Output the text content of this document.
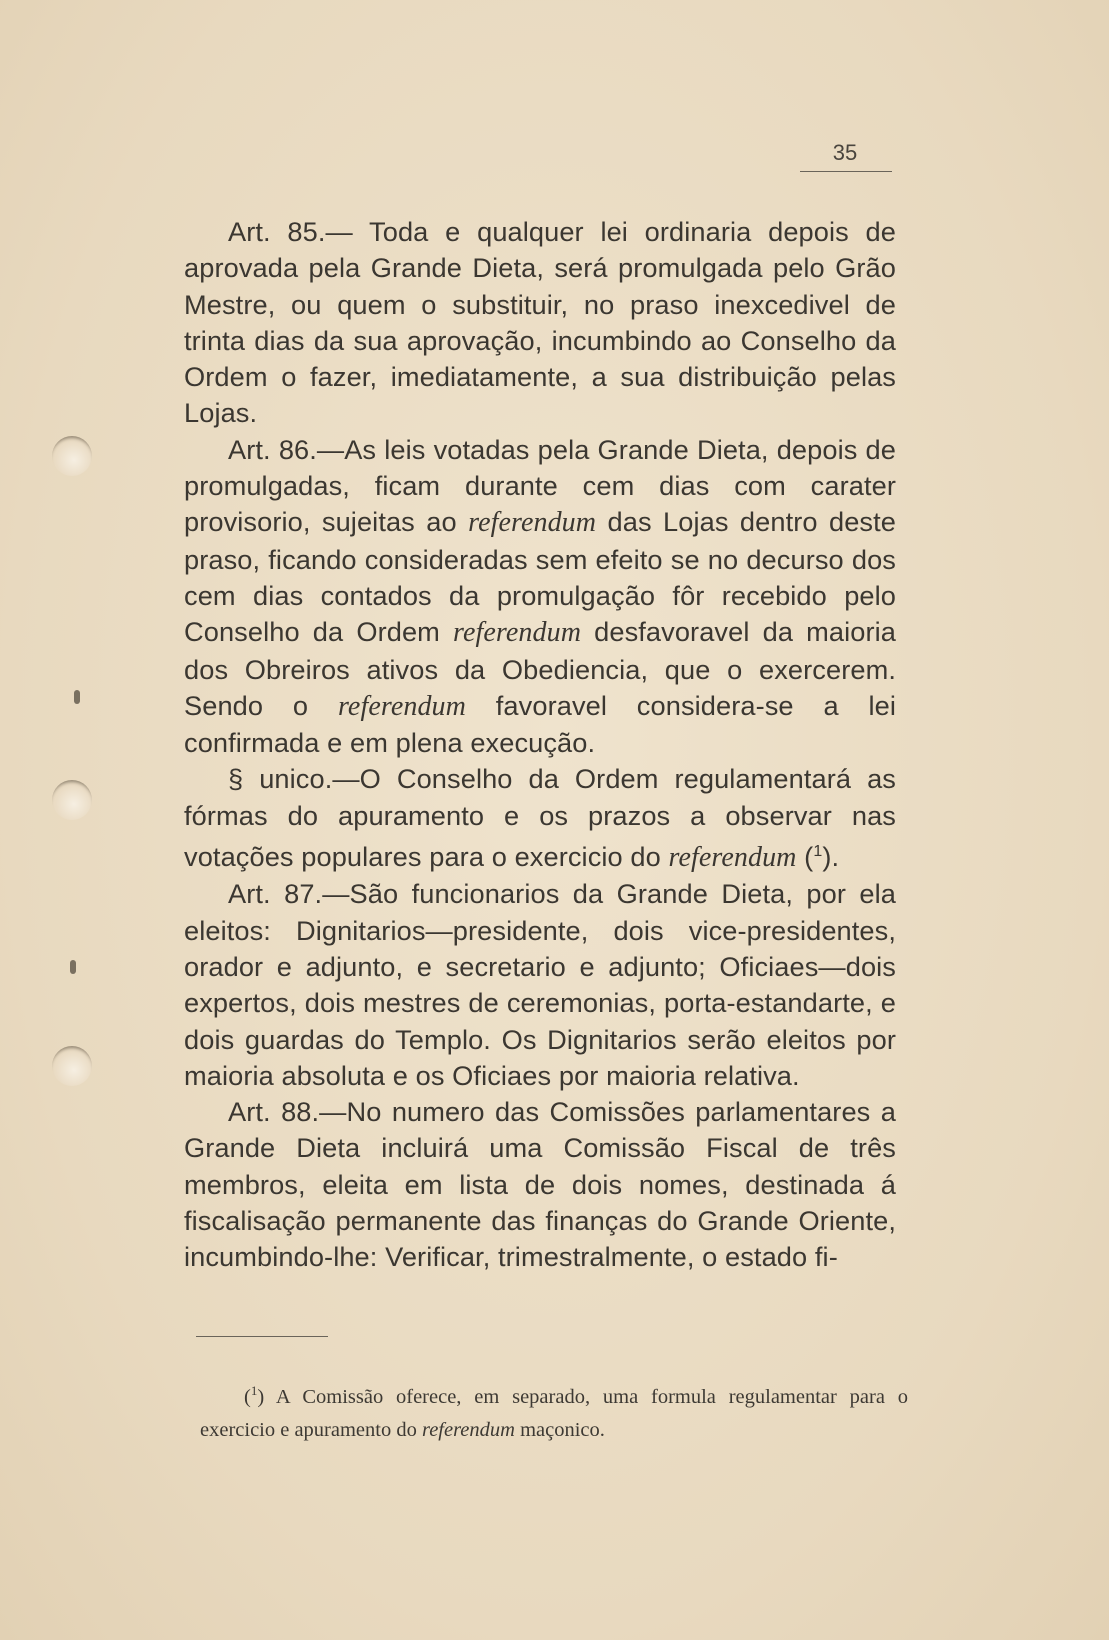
35

Art. 85.— Toda e qualquer lei ordinaria depois de aprovada pela Grande Dieta, será promulgada pelo Grão Mestre, ou quem o substituir, no praso inexcedivel de trinta dias da sua aprovação, incumbindo ao Conselho da Ordem o fazer, imediatamente, a sua distribuição pelas Lojas.

Art. 86.—As leis votadas pela Grande Dieta, depois de promulgadas, ficam durante cem dias com carater provisorio, sujeitas ao referendum das Lojas dentro deste praso, ficando consideradas sem efeito se no decurso dos cem dias contados da promulgação fôr recebido pelo Conselho da Ordem referendum desfavoravel da maioria dos Obreiros ativos da Obediencia, que o exercerem. Sendo o referendum favoravel considera-se a lei confirmada e em plena execução.

§ unico.—O Conselho da Ordem regulamentará as fórmas do apuramento e os prazos a observar nas votações populares para o exercicio do referendum ($^1$).

Art. 87.—São funcionarios da Grande Dieta, por ela eleitos: Dignitarios—presidente, dois vice-presidentes, orador e adjunto, e secretario e adjunto; Oficiaes—dois expertos, dois mestres de ceremonias, porta-estandarte, e dois guardas do Templo. Os Dignitarios serão eleitos por maioria absoluta e os Oficiaes por maioria relativa.

Art. 88.—No numero das Comissões parlamentares a Grande Dieta incluirá uma Comissão Fiscal de três membros, eleita em lista de dois nomes, destinada á fiscalisação permanente das finanças do Grande Oriente, incumbindo-lhe: Verificar, trimestralmente, o estado fi-

($^1$) A Comissão oferece, em separado, uma formula regulamentar para o exercicio e apuramento do referendum maçonico.
